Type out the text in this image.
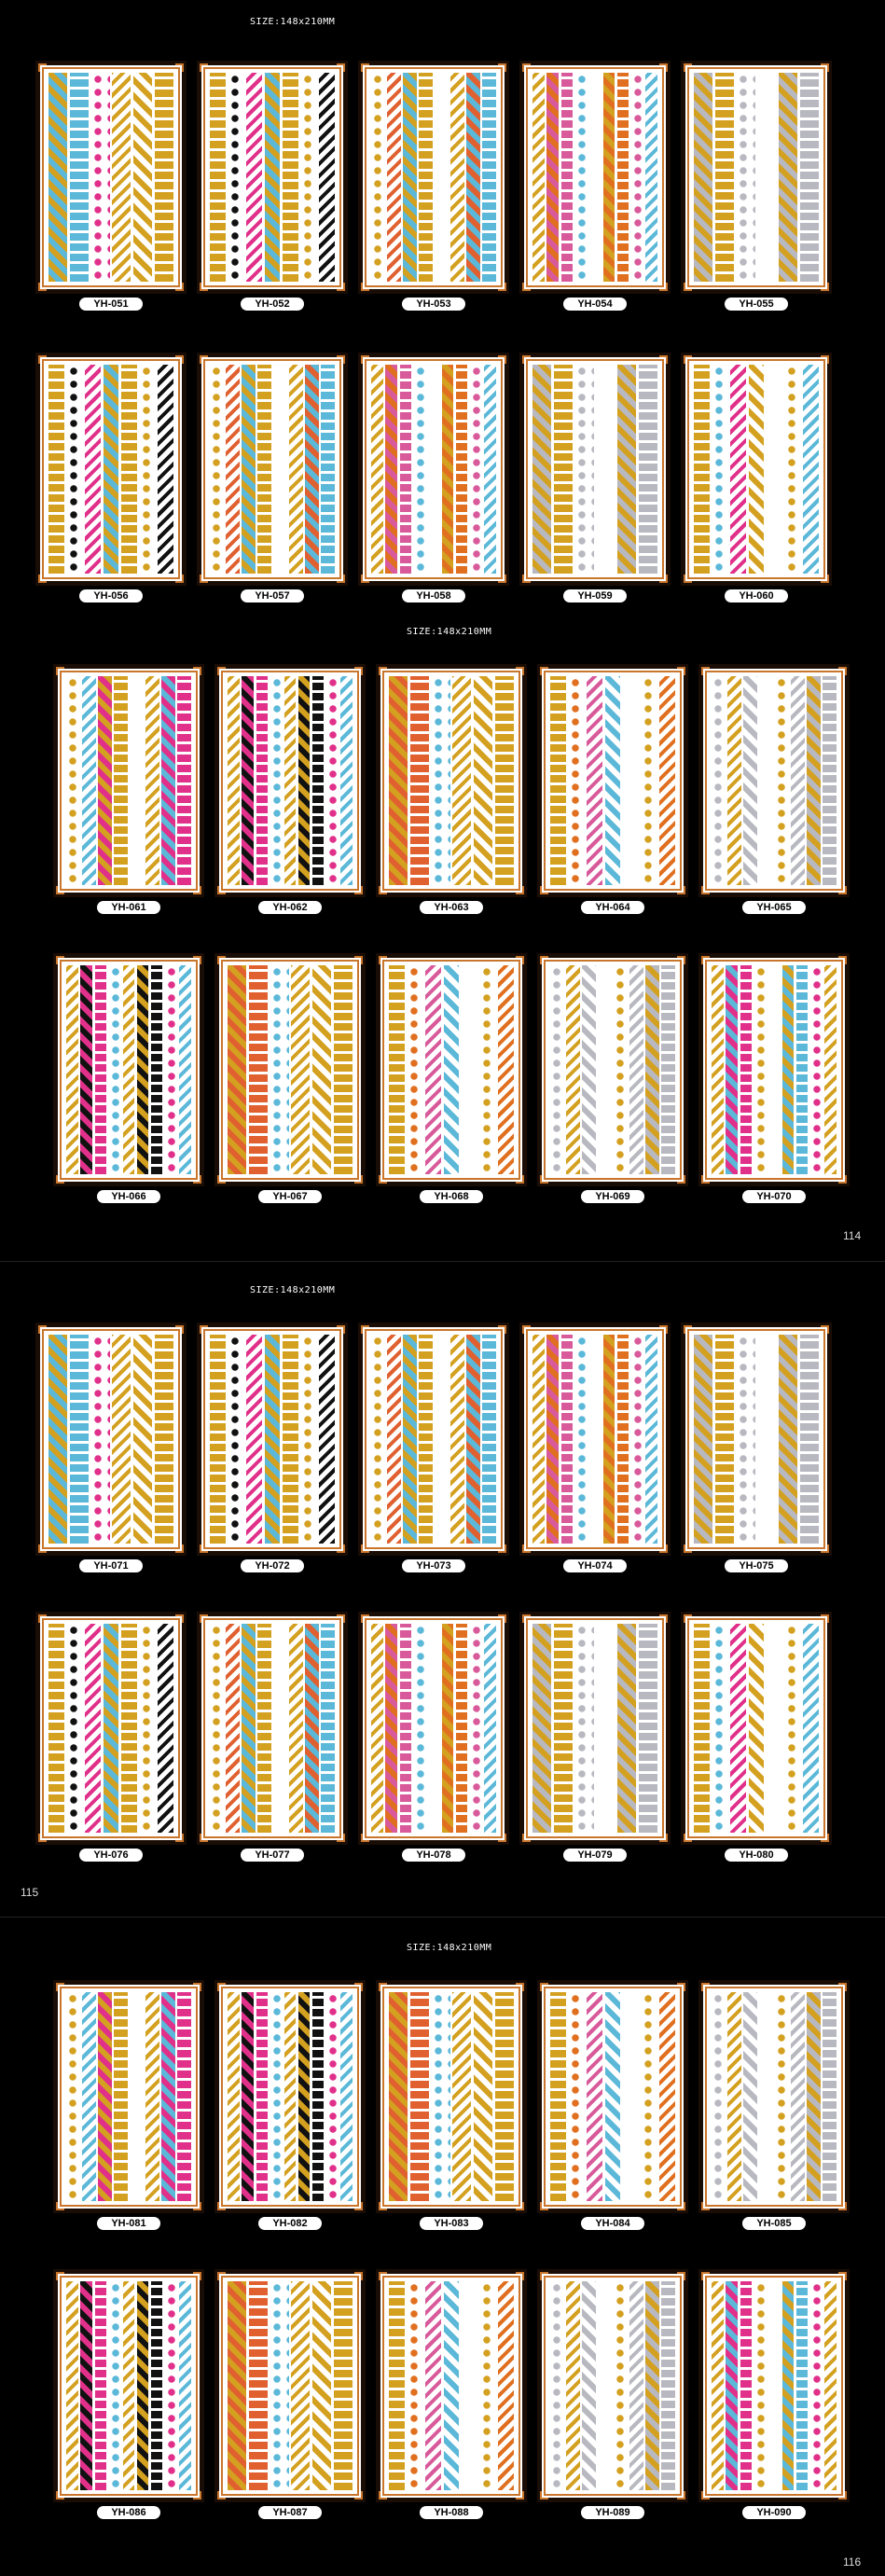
SIZE:148x210MM
YH-051	YH-052	YH-053	YH-054	YH-055
YH-056	YH-057	YH-058	YH-059	YH-060
SIZE:148x210MM
YH-061	YH-062	YH-063	YH-064	YH-065
YH-066	YH-067	YH-068	YH-069	YH-070
114
SIZE:148x210MM
YH-071	YH-072	YH-073	YH-074	YH-075
YH-076	YH-077	YH-078	YH-079	YH-080
115
SIZE:148x210MM
YH-081	YH-082	YH-083	YH-084	YH-085
YH-086	YH-087	YH-088	YH-089	YH-090
116
